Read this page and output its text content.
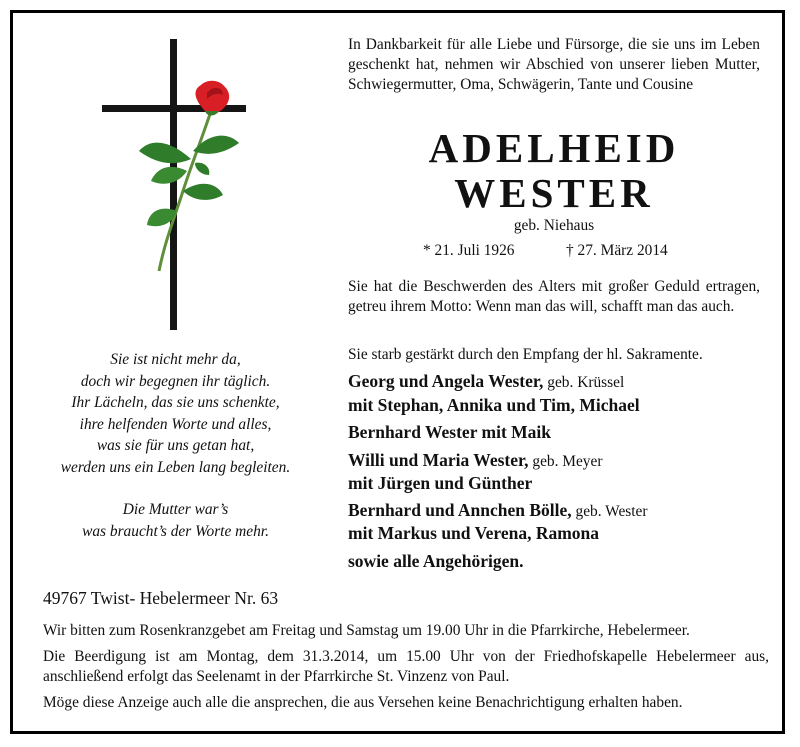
In Dankbarkeit für alle Liebe und Fürsorge, die sie uns im Leben geschenkt hat, nehmen wir Abschied von unserer lieben Mutter, Schwiegermutter, Oma, Schwägerin, Tante und Cousine
ADELHEID
WESTER
geb. Niehaus
* 21. Juli 1926	† 27. März 2014
Sie hat die Beschwerden des Alters mit großer Geduld ertragen, getreu ihrem Motto: Wenn man das will, schafft man das auch.
Sie starb gestärkt durch den Empfang der hl. Sakramente.
Georg und Angela Wester, geb. Krüssel
mit Stephan, Annika und Tim, Michael
Bernhard Wester mit Maik
Willi und Maria Wester, geb. Meyer
mit Jürgen und Günther
Bernhard und Annchen Bölle, geb. Wester
mit Markus und Verena, Ramona
sowie alle Angehörigen.
Sie ist nicht mehr da,
doch wir begegnen ihr täglich.
Ihr Lächeln, das sie uns schenkte,
ihre helfenden Worte und alles,
was sie für uns getan hat,
werden uns ein Leben lang begleiten.
Die Mutter war’s
was braucht’s der Worte mehr.
49767 Twist- Hebelermeer Nr. 63
Wir bitten zum Rosenkranzgebet am Freitag und Samstag um 19.00 Uhr in die Pfarrkirche, Hebelermeer.
Die Beerdigung ist am Montag, dem 31.3.2014, um 15.00 Uhr von der Friedhofskapelle Hebelermeer aus, anschließend erfolgt das Seelenamt in der Pfarrkirche St. Vinzenz von Paul.
Möge diese Anzeige auch alle die ansprechen, die aus Versehen keine Benachrichtigung erhalten haben.
